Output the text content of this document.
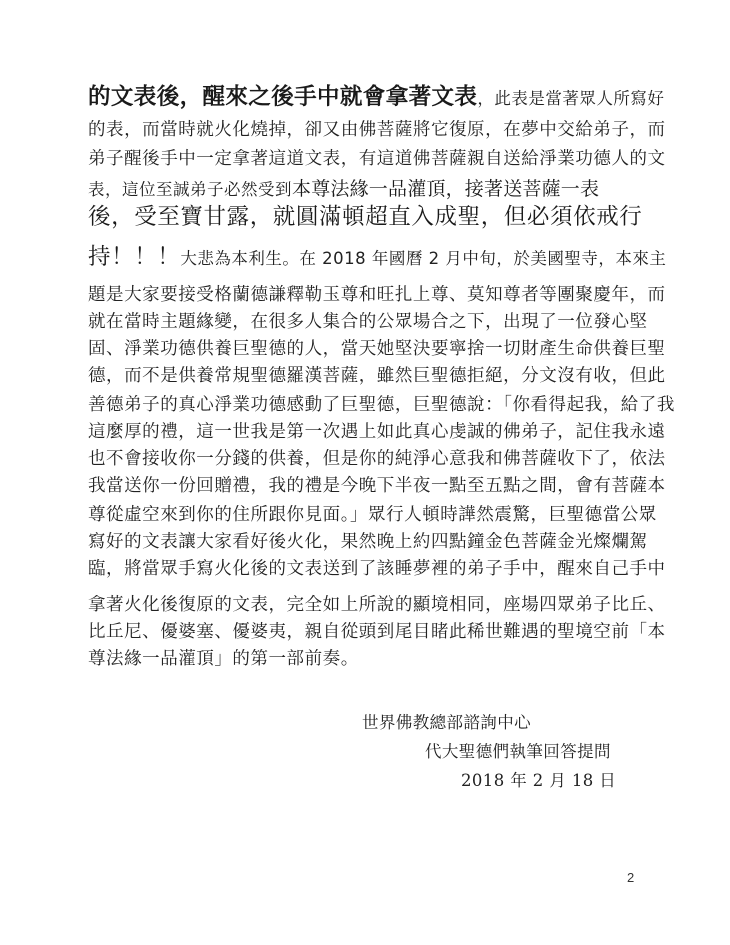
的文表後，醒來之後手中就會拿著文表，此表是當著眾人所寫好
的表，而當時就火化燒掉，卻又由佛菩薩將它復原，在夢中交給弟子，而
弟子醒後手中一定拿著這道文表，有這道佛菩薩親自送給淨業功德人的文
表，這位至誠弟子必然受到本尊法緣一品灌頂，接著送菩薩一表
後，受至寶甘露，就圓滿頓超直入成聖，但必須依戒行
持！！！大悲為本利生。在 2018 年國曆 2 月中旬，於美國聖寺，本來主
題是大家要接受格蘭德謙釋勒玉尊和旺扎上尊、莫知尊者等團聚慶年，而
就在當時主題緣變，在很多人集合的公眾場合之下，出現了一位發心堅
固、淨業功德供養巨聖德的人，當天她堅決要寧捨一切財產生命供養巨聖
德，而不是供養常規聖德羅漢菩薩，雖然巨聖德拒絕，分文沒有收，但此
善德弟子的真心淨業功德感動了巨聖德，巨聖德說：「你看得起我，給了我
這麼厚的禮，這一世我是第一次遇上如此真心虔誠的佛弟子，記住我永遠
也不會接收你一分錢的供養，但是你的純淨心意我和佛菩薩收下了，依法
我當送你一份回贈禮，我的禮是今晚下半夜一點至五點之間，會有菩薩本
尊從虛空來到你的住所跟你見面。」眾行人頓時譁然震驚，巨聖德當公眾
寫好的文表讓大家看好後火化，果然晚上約四點鐘金色菩薩金光燦爛駕
臨，將當眾手寫火化後的文表送到了該睡夢裡的弟子手中，醒來自己手中
拿著火化後復原的文表，完全如上所說的顯境相同，座場四眾弟子比丘、
比丘尼、優婆塞、優婆夷，親自從頭到尾目睹此稀世難遇的聖境空前「本
尊法緣一品灌頂」的第一部前奏。
世界佛教總部諮詢中心
代大聖德們執筆回答提問
2018 年 2 月 18 日
2
